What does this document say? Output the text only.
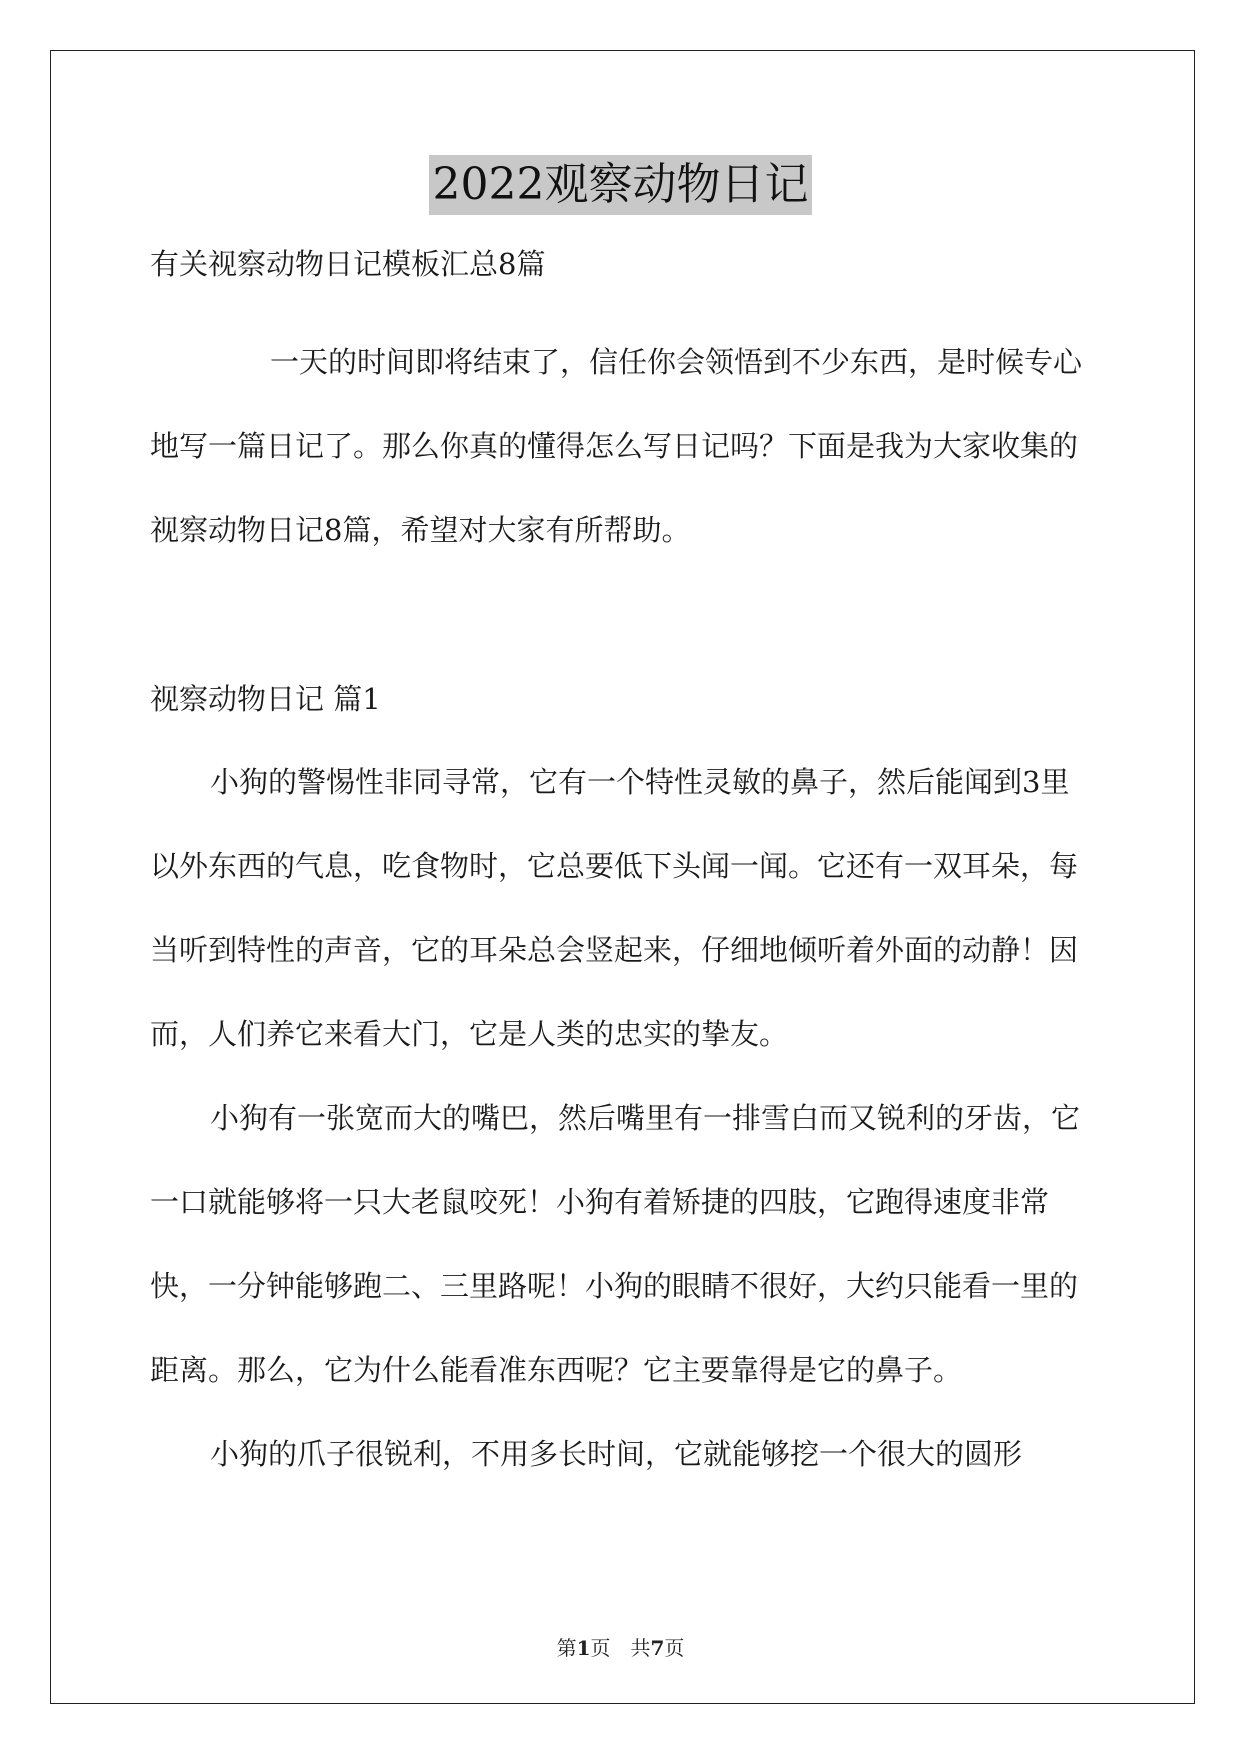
2022观察动物日记
有关视察动物日记模板汇总8篇
一天的时间即将结束了，信任你会领悟到不少东西，是时候专心地写一篇日记了。那么你真的懂得怎么写日记吗？下面是我为大家收集的视察动物日记8篇，希望对大家有所帮助。
视察动物日记 篇1

小狗的警惕性非同寻常，它有一个特性灵敏的鼻子，然后能闻到3里以外东西的气息，吃食物时，它总要低下头闻一闻。它还有一双耳朵，每当听到特性的声音，它的耳朵总会竖起来，仔细地倾听着外面的动静！因而，人们养它来看大门，它是人类的忠实的挚友。

小狗有一张宽而大的嘴巴，然后嘴里有一排雪白而又锐利的牙齿，它一口就能够将一只大老鼠咬死！小狗有着矫捷的四肢，它跑得速度非常快，一分钟能够跑二、三里路呢！小狗的眼睛不很好，大约只能看一里的距离。那么，它为什么能看准东西呢？它主要靠得是它的鼻子。

小狗的爪子很锐利，不用多长时间，它就能够挖一个很大的圆形

第1页　共7页
